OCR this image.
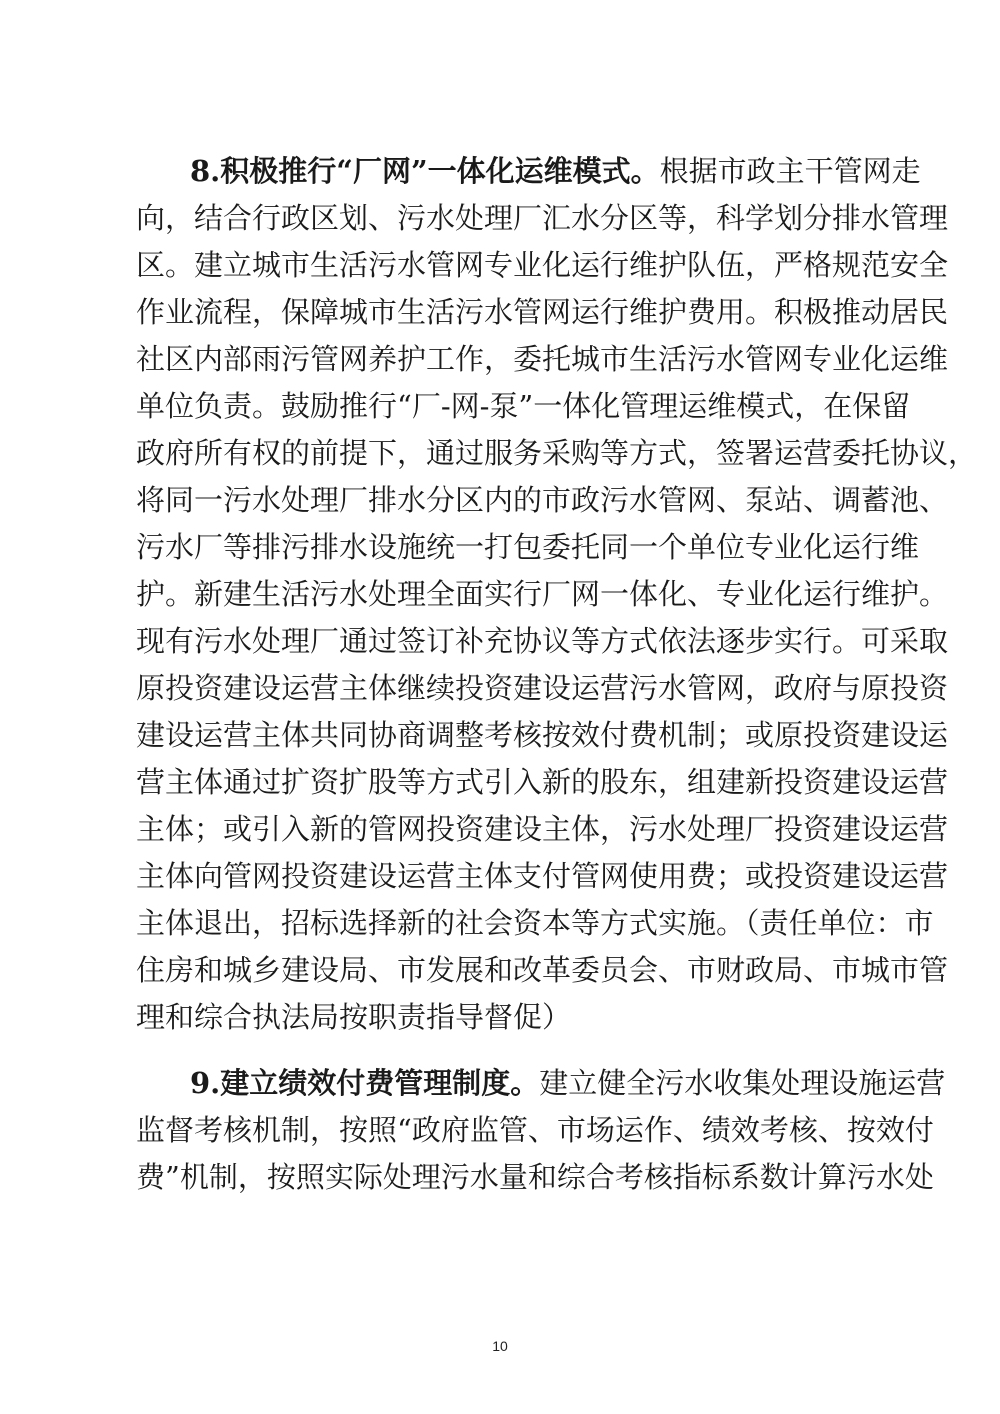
8.积极推行“厂网”一体化运维模式。根据市政主干管网走
向，结合行政区划、污水处理厂汇水分区等，科学划分排水管理
区。建立城市生活污水管网专业化运行维护队伍，严格规范安全
作业流程，保障城市生活污水管网运行维护费用。积极推动居民
社区内部雨污管网养护工作，委托城市生活污水管网专业化运维
单位负责。鼓励推行“厂-网-泵”一体化管理运维模式，在保留
政府所有权的前提下，通过服务采购等方式，签署运营委托协议，
将同一污水处理厂排水分区内的市政污水管网、泵站、调蓄池、
污水厂等排污排水设施统一打包委托同一个单位专业化运行维
护。新建生活污水处理全面实行厂网一体化、专业化运行维护。
现有污水处理厂通过签订补充协议等方式依法逐步实行。可采取
原投资建设运营主体继续投资建设运营污水管网，政府与原投资
建设运营主体共同协商调整考核按效付费机制；或原投资建设运
营主体通过扩资扩股等方式引入新的股东，组建新投资建设运营
主体；或引入新的管网投资建设主体，污水处理厂投资建设运营
主体向管网投资建设运营主体支付管网使用费；或投资建设运营
主体退出，招标选择新的社会资本等方式实施。（责任单位：市
住房和城乡建设局、市发展和改革委员会、市财政局、市城市管
理和综合执法局按职责指导督促）
9.建立绩效付费管理制度。建立健全污水收集处理设施运营
监督考核机制，按照“政府监管、市场运作、绩效考核、按效付
费”机制，按照实际处理污水量和综合考核指标系数计算污水处
10
